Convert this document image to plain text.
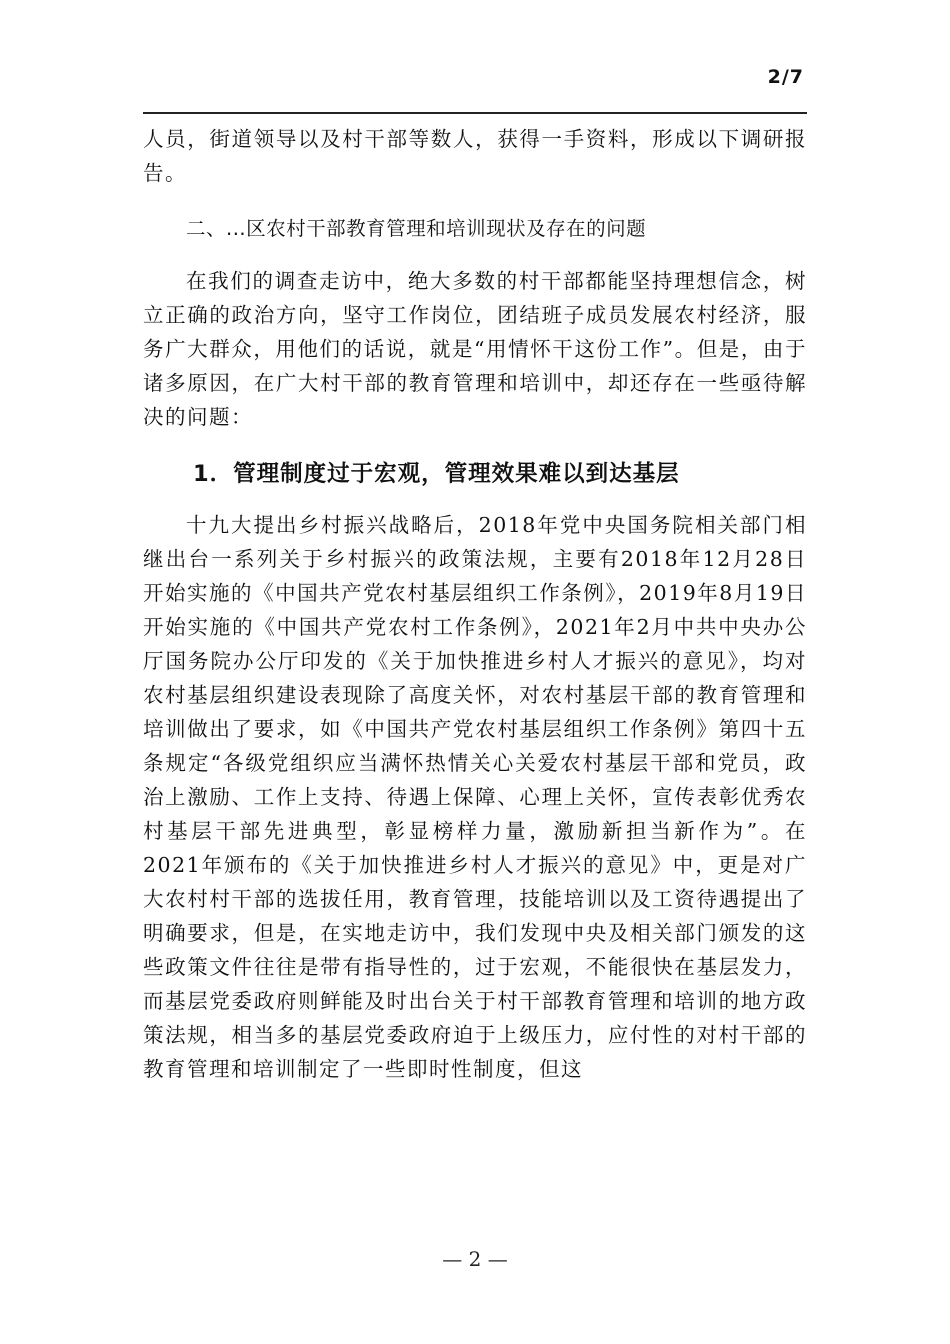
2/7

人员，街道领导以及村干部等数人，获得一手资料，形成以下调研报告。

二、...区农村干部教育管理和培训现状及存在的问题

在我们的调查走访中，绝大多数的村干部都能坚持理想信念，树立正确的政治方向，坚守工作岗位，团结班子成员发展农村经济，服务广大群众，用他们的话说，就是“用情怀干这份工作”。但是，由于诸多原因，在广大村干部的教育管理和培训中，却还存在一些亟待解决的问题：

1．管理制度过于宏观，管理效果难以到达基层

十九大提出乡村振兴战略后，2018年党中央国务院相关部门相继出台一系列关于乡村振兴的政策法规，主要有2018年12月28日开始实施的《中国共产党农村基层组织工作条例》，2019年8月19日开始实施的《中国共产党农村工作条例》，2021年2月中共中央办公厅国务院办公厅印发的《关于加快推进乡村人才振兴的意见》，均对农村基层组织建设表现除了高度关怀，对农村基层干部的教育管理和培训做出了要求，如《中国共产党农村基层组织工作条例》第四十五条规定“各级党组织应当满怀热情关心关爱农村基层干部和党员，政治上激励、工作上支持、待遇上保障、心理上关怀，宣传表彰优秀农村基层干部先进典型，彰显榜样力量，激励新担当新作为”。在2021年颁布的《关于加快推进乡村人才振兴的意见》中，更是对广大农村村干部的选拔任用，教育管理，技能培训以及工资待遇提出了明确要求，但是，在实地走访中，我们发现中央及相关部门颁发的这些政策文件往往是带有指导性的，过于宏观，不能很快在基层发力，而基层党委政府则鲜能及时出台关于村干部教育管理和培训的地方政策法规，相当多的基层党委政府迫于上级压力，应付性的对村干部的教育管理和培训制定了一些即时性制度，但这

— 2 —
